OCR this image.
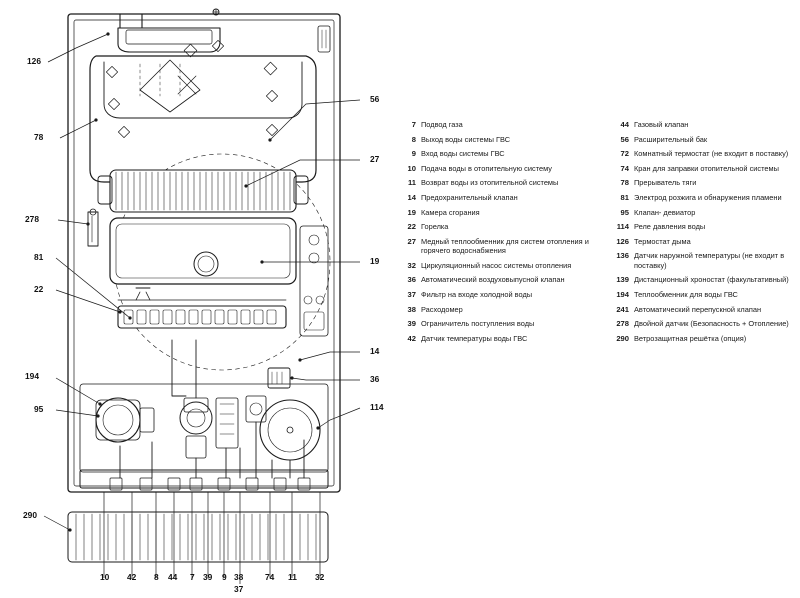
126
78
278
81
22
194
95
290
56
27
19
14
36
114
10 42 8 44 7 39 9 38
37
74 11 32
7 Подвод газа
8 Выход воды системы ГВС
9 Вход воды системы ГВС
10 Подача воды в отопительную систему
11 Возврат воды из отопительной системы
14 Предохранительный клапан
19 Камера сгорания
22 Горелка
27 Медный теплообменник для систем отопления и горячего водоснабжения
32 Циркуляционный насос системы отопления
36 Автоматический воздуховыпусной клапан
37 Фильтр на входе холодной воды
38 Расходомер
39 Ограничитель поступления воды
42 Датчик температуры воды ГВС
44 Газовый клапан
56 Расширительный бак
72 Комнатный термостат (не входит в поставку)
74 Кран для заправки отопительной системы
78 Прерыватель тяги
81 Электрод розжига и обнаружения пламени
95 Клапан- девиатор
114 Реле давления воды
126 Термостат дыма
136 Датчик наружной температуры (не входит в поставку)
139 Дистанционный хроностат (факультативный)
194 Теплообменник для воды ГВС
241 Автоматический перепускной клапан
278 Двойной датчик (Безопасность + Отопление)
290 Ветрозащитная решётка (опция)
